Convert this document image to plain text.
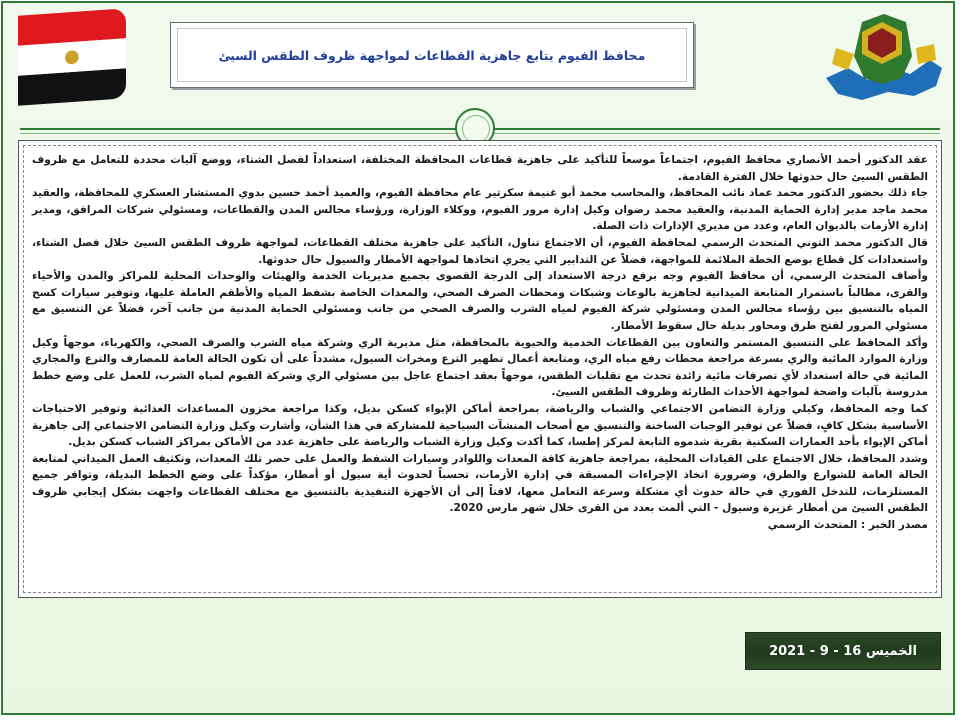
●	محافظ الفيوم يتابع جاهزية القطاعات لمواجهة ظروف الطقس السيئ

عقد الدكتور أحمد الأنصاري محافظ الفيوم، اجتماعاً موسعاً للتأكيد على جاهزية قطاعات المحافظة المختلفة، استعداداً لفصل الشتاء، ووضع آليات محددة للتعامل مع ظروف الطقس السيئ حال حدوثها خلال الفترة القادمة.

جاء ذلك بحضور الدكتور محمد عماد نائب المحافظ، والمحاسب محمد أبو غنيمة سكرتير عام محافظة الفيوم، والعميد أحمد حسين بدوي المستشار العسكري للمحافظة، والعقيد محمد ماجد مدير إدارة الحماية المدنية، والعقيد محمد رضوان وكيل إدارة مرور الفيوم، ووكلاء الوزارة، ورؤساء مجالس المدن والقطاعات، ومسئولي شركات المرافق، ومدير إدارة الأزمات بالديوان العام، وعدد من مديري الإدارات ذات الصلة.

قال الدكتور محمد التوني المتحدث الرسمي لمحافظة الفيوم، أن الاجتماع تناول، التأكيد على جاهزية مختلف القطاعات، لمواجهة ظروف الطقس السيئ خلال فصل الشتاء، واستعدادات كل قطاع بوضع الخطة الملائمة للمواجهة، فضلاً عن التدابير التي يجري اتخاذها لمواجهة الأمطار والسيول حال حدوثها.

وأضاف المتحدث الرسمي، أن محافظ الفيوم وجه برفع درجة الاستعداد إلى الدرجة القصوى بجميع مديريات الخدمة والهيئات والوحدات المحلية للمراكز والمدن والأحياء والقرى، مطالباً باستمرار المتابعة الميدانية لجاهزية بالوعات وشبكات ومحطات الصرف الصحي، والمعدات الخاصة بشفط المياه والأطقم العاملة عليها، وتوفير سيارات كسح المياه بالتنسيق بين رؤساء مجالس المدن ومسئولي شركة الفيوم لمياه الشرب والصرف الصحي من جانب ومسئولي الحماية المدنية من جانب آخر، فضلاً عن التنسيق مع مسئولي المرور لفتح طرق ومحاور بديلة حال سقوط الأمطار.

وأكد المحافظ على التنسيق المستمر والتعاون بين القطاعات الخدمية والحيوية بالمحافظة، مثل مديرية الري وشركة مياه الشرب والصرف الصحي، والكهرباء، موجهاً وكيل وزارة الموارد المائية والري بسرعة مراجعة محطات رفع مياه الري، ومتابعة أعمال تطهير الترع ومخرات السيول، مشدداً على أن تكون الحالة العامة للمصارف والترع والمجاري المائية في حالة استعداد لأي تصرفات مائية زائدة تحدث مع تقلبات الطقس، موجهاً بعقد اجتماع عاجل بين مسئولي الري وشركة الفيوم لمياه الشرب، للعمل على وضع خطط مدروسة بآليات واضحة لمواجهة الأحداث الطارئة وظروف الطقس السيئ.

كما وجه المحافظ، وكيلي وزارة التضامن الاجتماعي والشباب والرياضة، بمراجعة أماكن الإيواء كسكن بديل، وكذا مراجعة مخزون المساعدات الغذائية وتوفير الاحتياجات الأساسية بشكل كافٍ، فضلاً عن توفير الوجبات الساخنة والتنسيق مع أصحاب المنشآت السياحية للمشاركة في هذا الشأن، وأشارت وكيل وزارة التضامن الاجتماعي إلى جاهزية أماكن الإيواء بأحد العمارات السكنية بقرية شدموه التابعة لمركز إطسا، كما أكدت وكيل وزارة الشباب والرياضة على جاهزية عدد من الأماكن بمراكز الشباب كسكن بديل.

وشدد المحافظ، خلال الاجتماع على القيادات المحلية، بمراجعة جاهزية كافة المعدات واللوادر وسيارات الشفط والعمل على حصر تلك المعدات، وتكثيف العمل الميداني لمتابعة الحالة العامة للشوارع والطرق، وضرورة اتخاذ الإجراءات المسبقة في إدارة الأزمات، تحسباً لحدوث أية سيول أو أمطار، مؤكداً على وضع الخطط البديلة، وتوافر جميع المستلزمات، للتدخل الفوري في حالة حدوث أي مشكلة وسرعة التعامل معها، لافتاً إلى أن الأجهزة التنفيذية بالتنسيق مع مختلف القطاعات واجهت بشكل إيجابي ظروف الطقس السيئ من أمطار غزيرة وسيول - التي ألمت بعدد من القرى خلال شهر مارس 2020.

مصدر الخبر : المتحدث الرسمي

الخميس 16 - 9 - 2021
